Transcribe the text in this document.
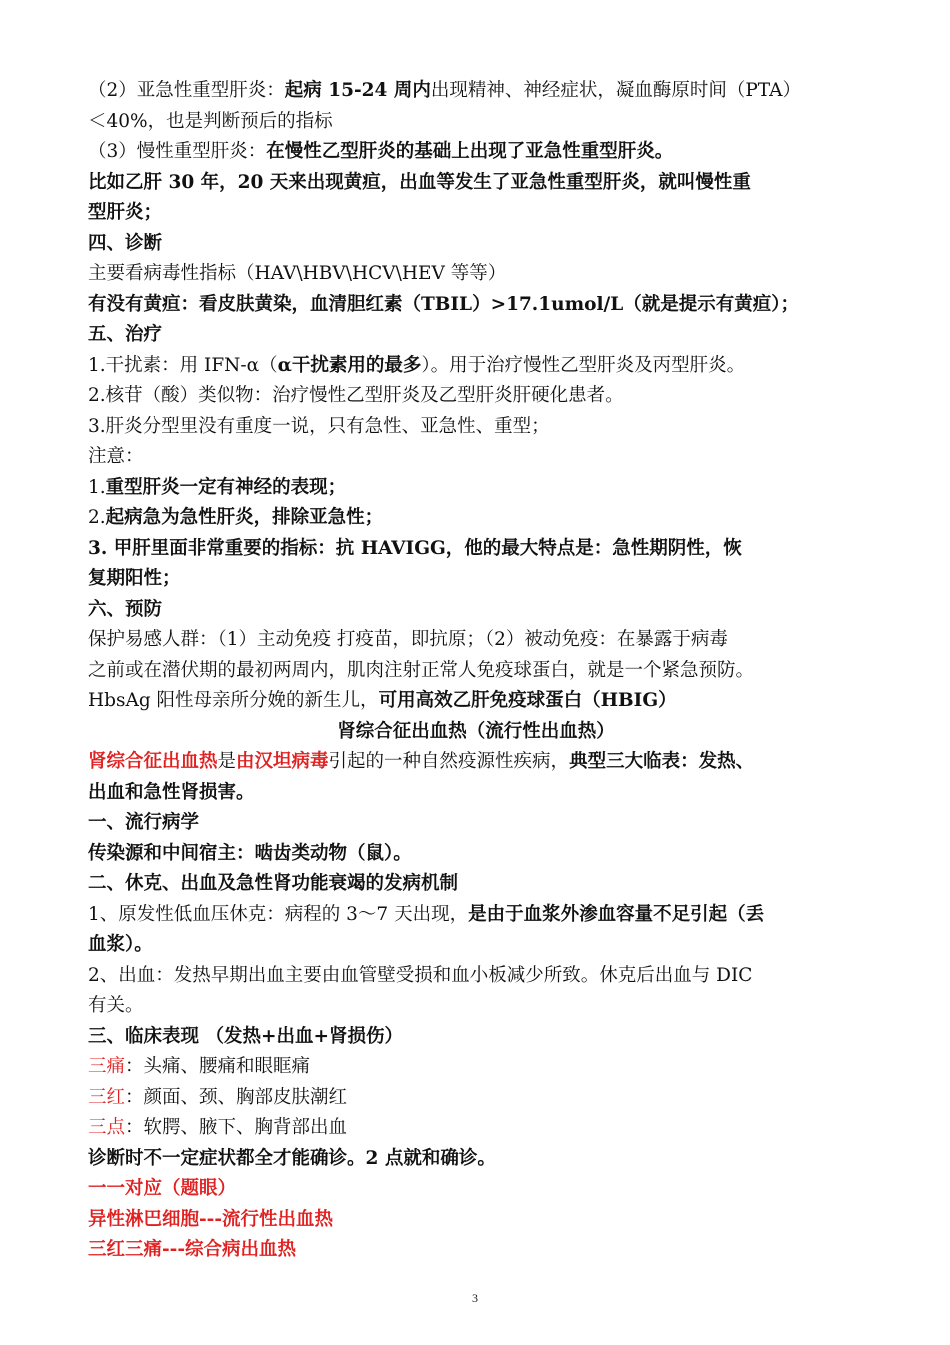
（2）亚急性重型肝炎：起病 15-24 周内出现精神、神经症状，凝血酶原时间（PTA）
＜40%，也是判断预后的指标
（3）慢性重型肝炎：在慢性乙型肝炎的基础上出现了亚急性重型肝炎。
比如乙肝 30 年，20 天来出现黄疸，出血等发生了亚急性重型肝炎，就叫慢性重
型肝炎；
四、诊断
主要看病毒性指标（HAV\HBV\HCV\HEV 等等）
有没有黄疸：看皮肤黄染，血清胆红素（TBIL）>17.1umol/L（就是提示有黄疸）；
五、治疗
1.干扰素：用 IFN-α（α干扰素用的最多）。用于治疗慢性乙型肝炎及丙型肝炎。
2.核苷（酸）类似物：治疗慢性乙型肝炎及乙型肝炎肝硬化患者。
3.肝炎分型里没有重度一说，只有急性、亚急性、重型；
注意：
1.重型肝炎一定有神经的表现；
2.起病急为急性肝炎，排除亚急性；
3. 甲肝里面非常重要的指标：抗 HAVIGG，他的最大特点是：急性期阴性，恢
复期阳性；
六、预防
保护易感人群：（1）主动免疫 打疫苗，即抗原；（2）被动免疫：在暴露于病毒
之前或在潜伏期的最初两周内，肌肉注射正常人免疫球蛋白，就是一个紧急预防。
HbsAg 阳性母亲所分娩的新生儿，可用高效乙肝免疫球蛋白（HBIG）
肾综合征出血热（流行性出血热）
肾综合征出血热是由汉坦病毒引起的一种自然疫源性疾病，典型三大临表：发热、
出血和急性肾损害。
一、流行病学
传染源和中间宿主：啮齿类动物（鼠）。
二、休克、出血及急性肾功能衰竭的发病机制
1、原发性低血压休克：病程的 3～7 天出现，是由于血浆外渗血容量不足引起（丢
血浆）。
2、出血：发热早期出血主要由血管壁受损和血小板减少所致。休克后出血与 DIC
有关。
三、临床表现 （发热+出血+肾损伤）
三痛：头痛、腰痛和眼眶痛
三红：颜面、颈、胸部皮肤潮红
三点：软腭、腋下、胸背部出血
诊断时不一定症状都全才能确诊。2 点就和确诊。
一一对应（题眼）
异性淋巴细胞---流行性出血热
三红三痛---综合病出血热
3
